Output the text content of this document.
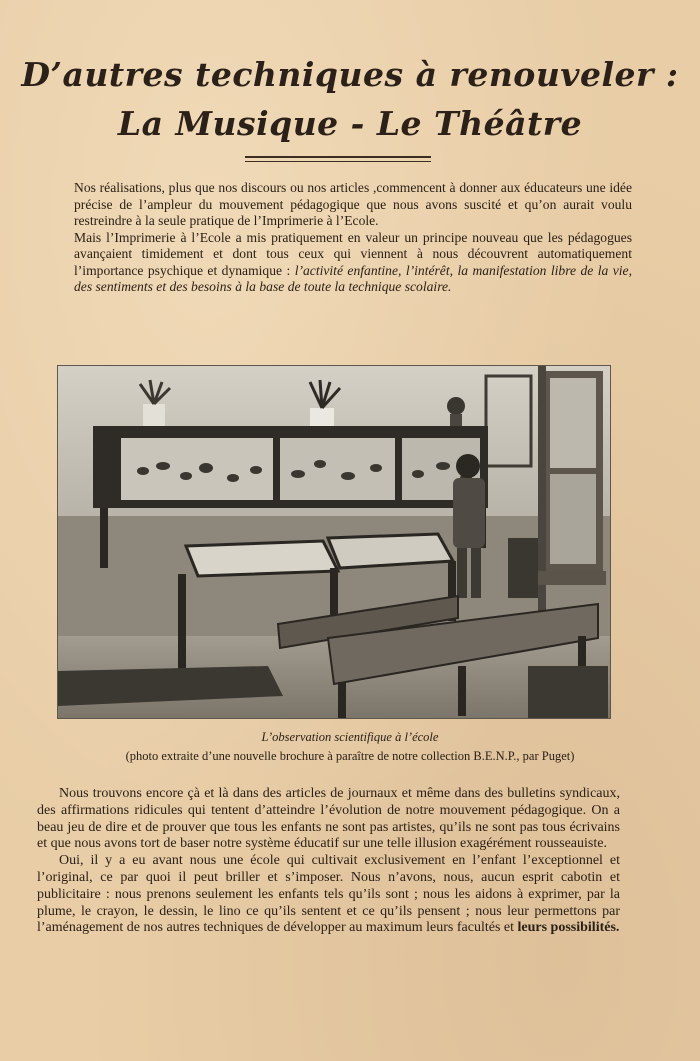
D’autres techniques à renouveler :
La Musique - Le Théâtre

Nos réalisations, plus que nos discours ou nos articles ,commencent à donner aux éducateurs une idée précise de l’ampleur du mouvement pédagogique que nous avons suscité et qu’on aurait voulu restreindre à la seule pratique de l’Imprimerie à l’Ecole.

Mais l’Imprimerie à l’Ecole a mis pratiquement en valeur un principe nouveau que les pédagogues avançaient timidement et dont tous ceux qui viennent à nous découvrent automatiquement l’importance psychique et dynamique : l’activité enfantine, l’intérêt, la manifestation libre de la vie, des sentiments et des besoins à la base de toute la technique scolaire.

L’observation scientifique à l’école

(photo extraite d’une nouvelle brochure à paraître de notre collection B.E.N.P., par Puget)

Nous trouvons encore çà et là dans des articles de journaux et même dans des bulletins syndicaux, des affirmations ridicules qui tentent d’atteindre l’évolution de notre mouvement pédagogique. On a beau jeu de dire et de prouver que tous les enfants ne sont pas artistes, qu’ils ne sont pas tous écrivains et que nous avons tort de baser notre système éducatif sur une telle illusion exagérément rousseauiste.

Oui, il y a eu avant nous une école qui cultivait exclusivement en l’enfant l’exceptionnel et l’original, ce par quoi il peut briller et s’imposer. Nous n’avons, nous, aucun esprit cabotin et publicitaire : nous prenons seulement les enfants tels qu’ils sont ; nous les aidons à exprimer, par la plume, le crayon, le dessin, le lino ce qu’ils sentent et ce qu’ils pensent ; nous leur permettons par l’aménagement de nos autres techniques de développer au maximum leurs facultés et leurs possibilités.
